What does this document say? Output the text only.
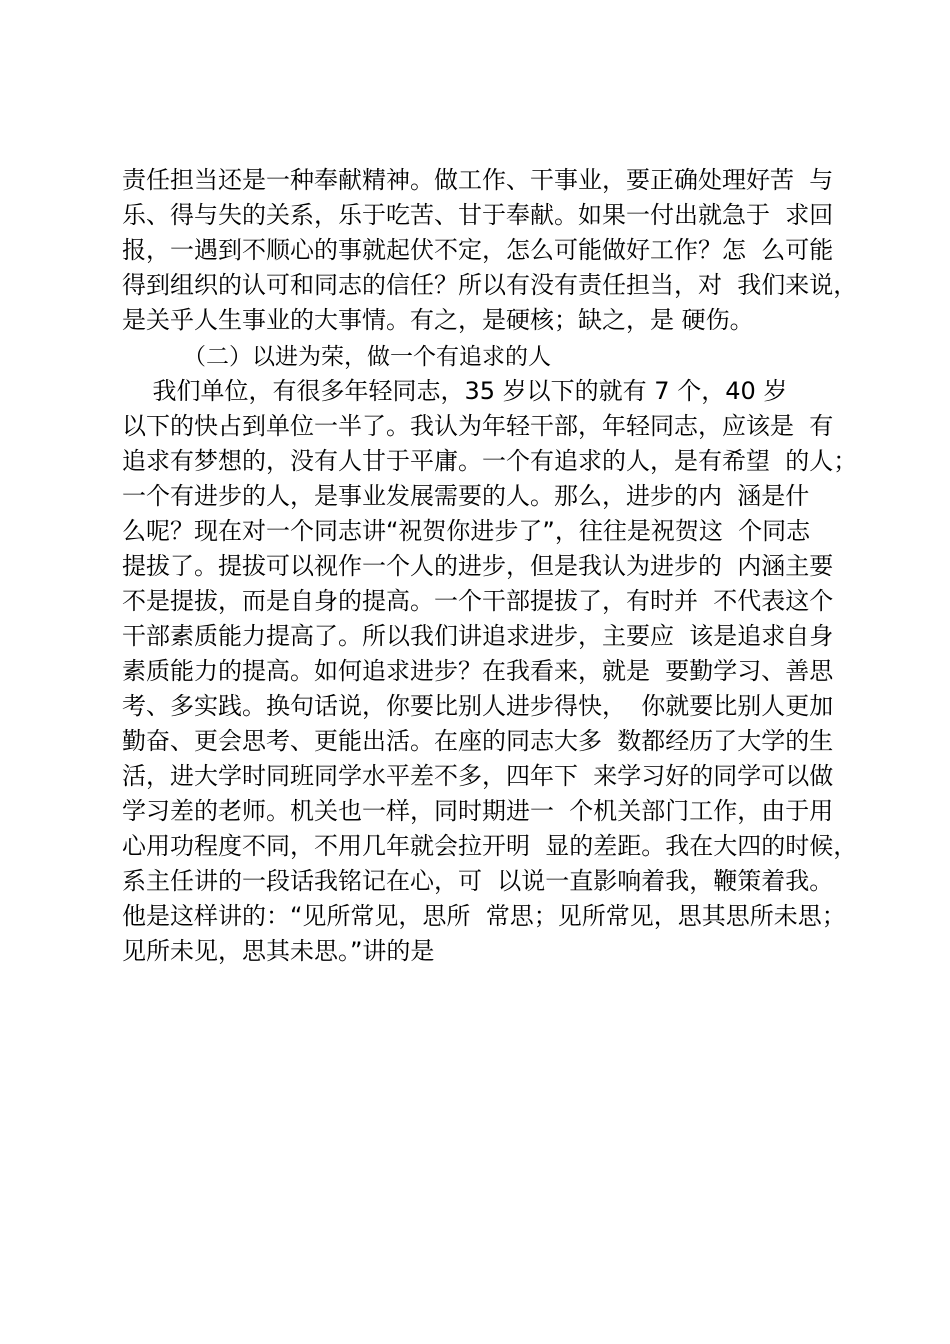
责任担当还是一种奉献精神。做工作、干事业，要正确处理好苦  与
乐、得与失的关系，乐于吃苦、甘于奉献。如果一付出就急于  求回
报，一遇到不顺心的事就起伏不定，怎么可能做好工作？怎  么可能
得到组织的认可和同志的信任？所以有没有责任担当，对  我们来说，
是关乎人生事业的大事情。有之，是硬核；缺之，是 硬伤。
（二）以进为荣，做一个有追求的人
我们单位，有很多年轻同志，35 岁以下的就有 7 个，40 岁
以下的快占到单位一半了。我认为年轻干部，年轻同志，应该是  有
追求有梦想的，没有人甘于平庸。一个有追求的人，是有希望  的人；
一个有进步的人，是事业发展需要的人。那么，进步的内  涵是什
么呢？现在对一个同志讲“祝贺你进步了”，往往是祝贺这  个同志
提拔了。提拔可以视作一个人的进步，但是我认为进步的  内涵主要
不是提拔，而是自身的提高。一个干部提拔了，有时并  不代表这个
干部素质能力提高了。所以我们讲追求进步，主要应  该是追求自身
素质能力的提高。如何追求进步？在我看来，就是  要勤学习、善思
考、多实践。换句话说，你要比别人进步得快，  你就要比别人更加
勤奋、更会思考、更能出活。在座的同志大多  数都经历了大学的生
活，进大学时同班同学水平差不多，四年下  来学习好的同学可以做
学习差的老师。机关也一样，同时期进一  个机关部门工作，由于用
心用功程度不同，不用几年就会拉开明  显的差距。我在大四的时候，
系主任讲的一段话我铭记在心，可  以说一直影响着我，鞭策着我。
他是这样讲的：“见所常见，思所  常思；见所常见，思其思所未思；
见所未见，思其未思。”讲的是
